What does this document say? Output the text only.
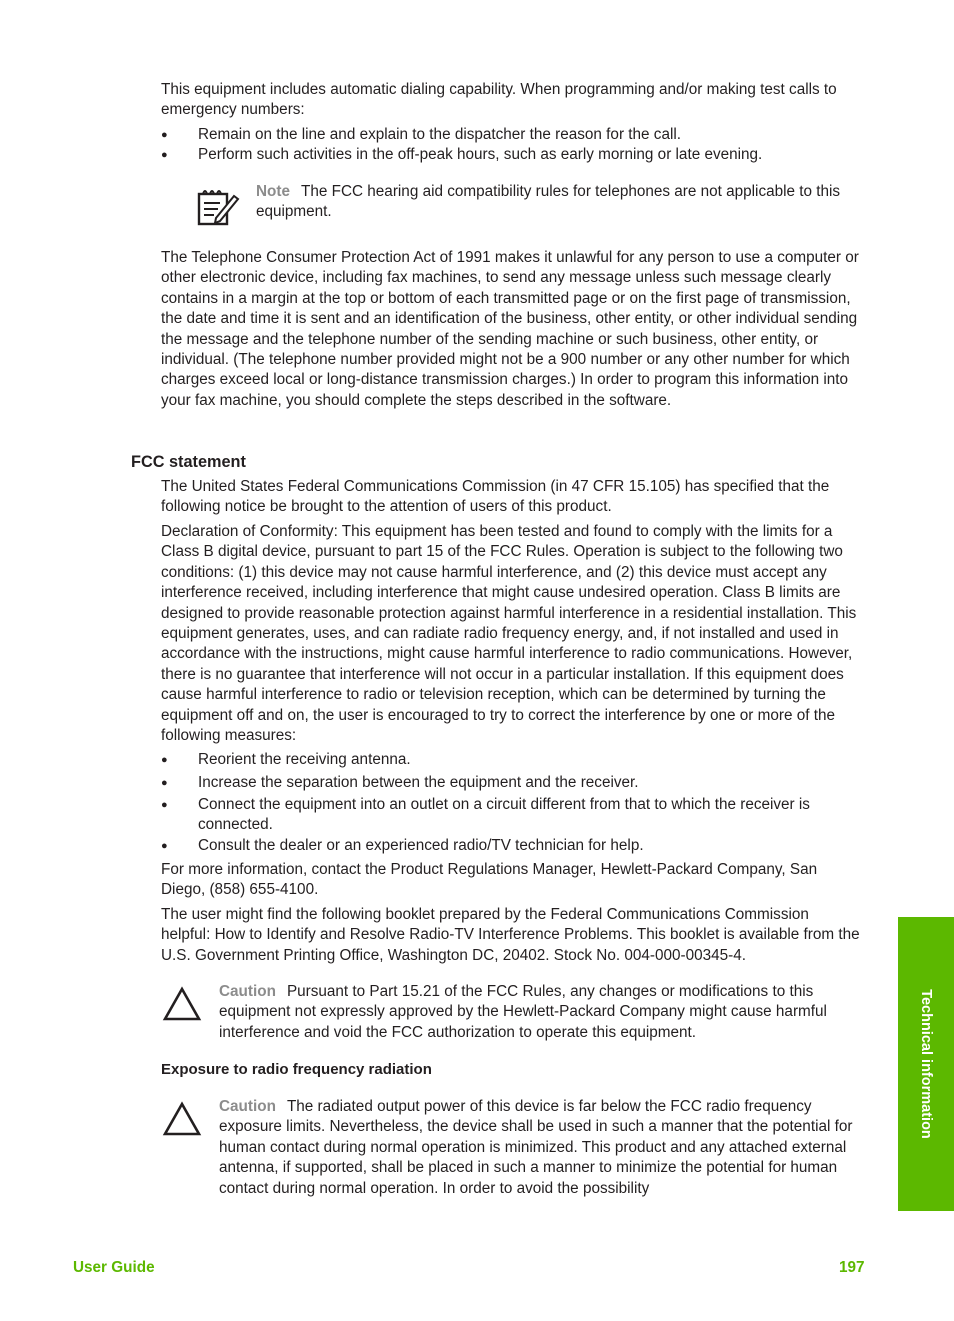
This equipment includes automatic dialing capability. When programming and/or making test calls to emergency numbers:

● Remain on the line and explain to the dispatcher the reason for the call.
● Perform such activities in the off-peak hours, such as early morning or late evening.

Note The FCC hearing aid compatibility rules for telephones are not applicable to this equipment.

The Telephone Consumer Protection Act of 1991 makes it unlawful for any person to use a computer or other electronic device, including fax machines, to send any message unless such message clearly contains in a margin at the top or bottom of each transmitted page or on the first page of transmission, the date and time it is sent and an identification of the business, other entity, or other individual sending the message and the telephone number of the sending machine or such business, other entity, or individual. (The telephone number provided might not be a 900 number or any other number for which charges exceed local or long-distance transmission charges.) In order to program this information into your fax machine, you should complete the steps described in the software.

FCC statement

The United States Federal Communications Commission (in 47 CFR 15.105) has specified that the following notice be brought to the attention of users of this product.

Declaration of Conformity: This equipment has been tested and found to comply with the limits for a Class B digital device, pursuant to part 15 of the FCC Rules. Operation is subject to the following two conditions: (1) this device may not cause harmful interference, and (2) this device must accept any interference received, including interference that might cause undesired operation. Class B limits are designed to provide reasonable protection against harmful interference in a residential installation. This equipment generates, uses, and can radiate radio frequency energy, and, if not installed and used in accordance with the instructions, might cause harmful interference to radio communications. However, there is no guarantee that interference will not occur in a particular installation. If this equipment does cause harmful interference to radio or television reception, which can be determined by turning the equipment off and on, the user is encouraged to try to correct the interference by one or more of the following measures:

● Reorient the receiving antenna.
● Increase the separation between the equipment and the receiver.
● Connect the equipment into an outlet on a circuit different from that to which the receiver is connected.
● Consult the dealer or an experienced radio/TV technician for help.

For more information, contact the Product Regulations Manager, Hewlett-Packard Company, San Diego, (858) 655-4100.

The user might find the following booklet prepared by the Federal Communications Commission helpful: How to Identify and Resolve Radio-TV Interference Problems. This booklet is available from the U.S. Government Printing Office, Washington DC, 20402. Stock No. 004-000-00345-4.

Caution Pursuant to Part 15.21 of the FCC Rules, any changes or modifications to this equipment not expressly approved by the Hewlett-Packard Company might cause harmful interference and void the FCC authorization to operate this equipment.

Exposure to radio frequency radiation

Caution The radiated output power of this device is far below the FCC radio frequency exposure limits. Nevertheless, the device shall be used in such a manner that the potential for human contact during normal operation is minimized. This product and any attached external antenna, if supported, shall be placed in such a manner to minimize the potential for human contact during normal operation. In order to avoid the possibility

Technical information
User Guide	197
